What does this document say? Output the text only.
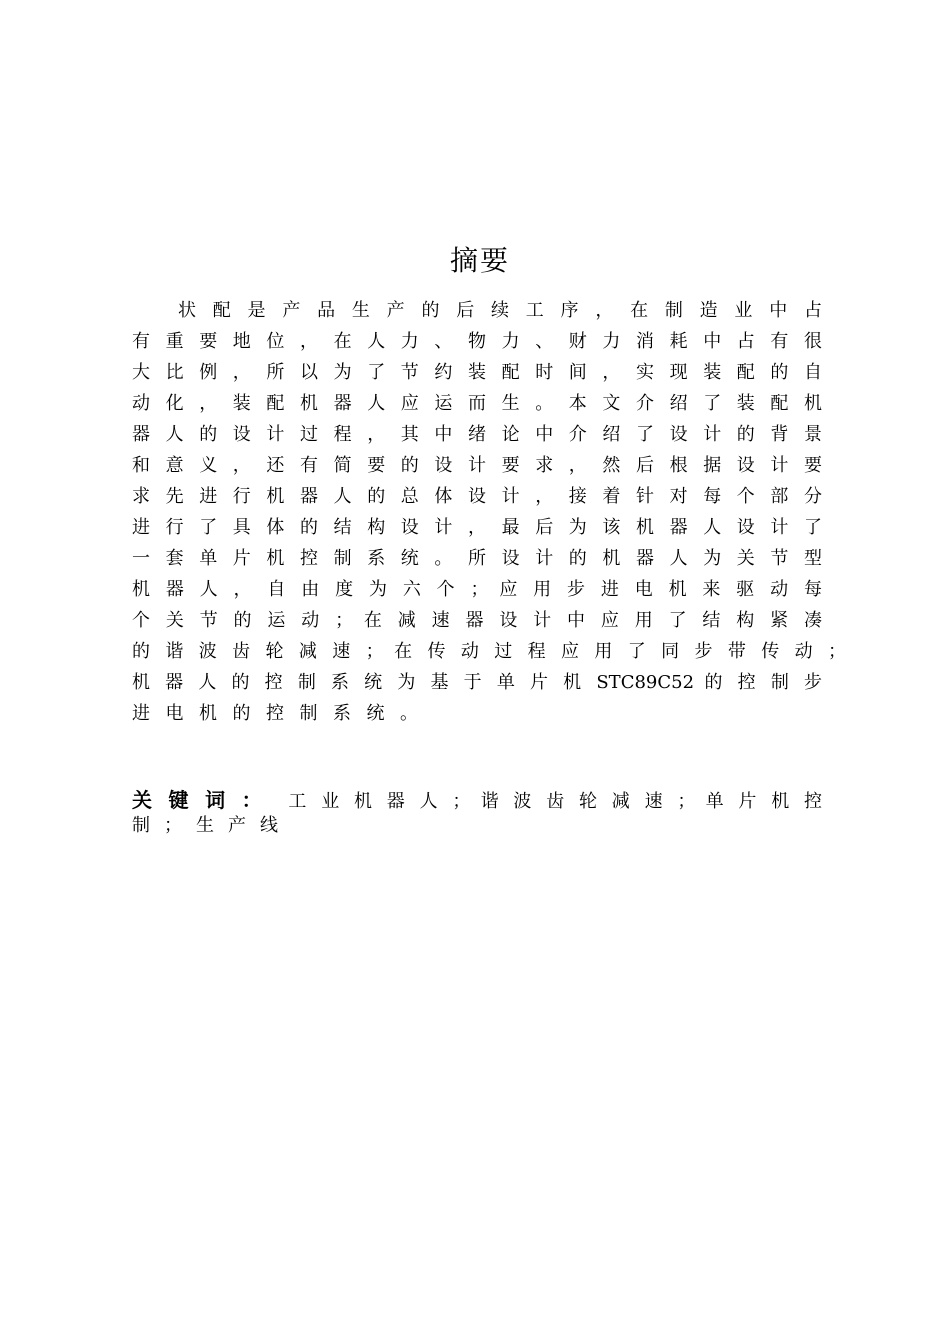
摘要
状 配 是 产 品 生 产 的 后 续 工 序 ， 在 制 造 业 中 占
有 重 要 地 位 ， 在 人 力 、 物 力 、 财 力 消 耗 中 占 有 很
大 比 例 ， 所 以 为 了 节 约 装 配 时 间 ， 实 现 装 配 的 自
动 化 ， 装 配 机 器 人 应 运 而 生 。 本 文 介 绍 了 装 配 机
器 人 的 设 计 过 程 ， 其 中 绪 论 中 介 绍 了 设 计 的 背 景
和 意 义 ， 还 有 简 要 的 设 计 要 求 ， 然 后 根 据 设 计 要
求 先 进 行 机 器 人 的 总 体 设 计 ， 接 着 针 对 每 个 部 分
进 行 了 具 体 的 结 构 设 计 ， 最 后 为 该 机 器 人 设 计 了
一 套 单 片 机 控 制 系 统 。 所 设 计 的 机 器 人 为 关 节 型
机 器 人 ， 自 由 度 为 六 个 ； 应 用 步 进 电 机 来 驱 动 每
个 关 节 的 运 动 ； 在 减 速 器 设 计 中 应 用 了 结 构 紧 凑
的 谐 波 齿 轮 减 速 ； 在 传 动 过 程 应 用 了 同 步 带 传 动 ；
机 器 人 的 控 制 系 统 为 基 于 单 片 机 STC89C52 的 控 制 步
进电机的控制系统。
关键词： 工 业 机 器 人 ； 谐 波 齿 轮 减 速 ； 单 片 机 控
制；生产线
